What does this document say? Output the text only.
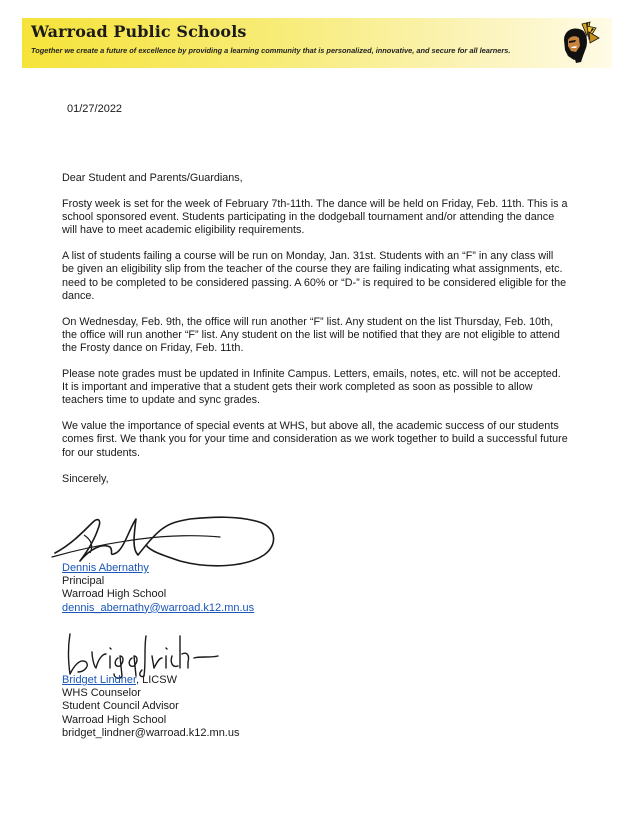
Warroad Public Schools
Together we create a future of excellence by providing a learning community that is personalized, innovative, and secure for all learners.
01/27/2022

Dear Student and Parents/Guardians,

Frosty week is set for the week of February 7th-11th. The dance will be held on Friday, Feb. 11th. This is a school sponsored event. Students participating in the dodgeball tournament and/or attending the dance will have to meet academic eligibility requirements.

A list of students failing a course will be run on Monday, Jan. 31st. Students with an “F” in any class will be given an eligibility slip from the teacher of the course they are failing indicating what assignments, etc. need to be completed to be considered passing. A 60% or “D-” is required to be considered eligible for the dance.

On Wednesday, Feb. 9th, the office will run another “F” list. Any student on the list Thursday, Feb. 10th, the office will run another “F” list. Any student on the list will be notified that they are not eligible to attend the Frosty dance on Friday, Feb. 11th.

Please note grades must be updated in Infinite Campus. Letters, emails, notes, etc. will not be accepted. It is important and imperative that a student gets their work completed as soon as possible to allow teachers time to update and sync grades.

We value the importance of special events at WHS, but above all, the academic success of our students comes first. We thank you for your time and consideration as we work together to build a successful future for our students.

Sincerely,

Dennis Abernathy
Principal
Warroad High School
dennis_abernathy@warroad.k12.mn.us
Bridget Lindner, LICSW
WHS Counselor
Student Council Advisor
Warroad High School
bridget_lindner@warroad.k12.mn.us
